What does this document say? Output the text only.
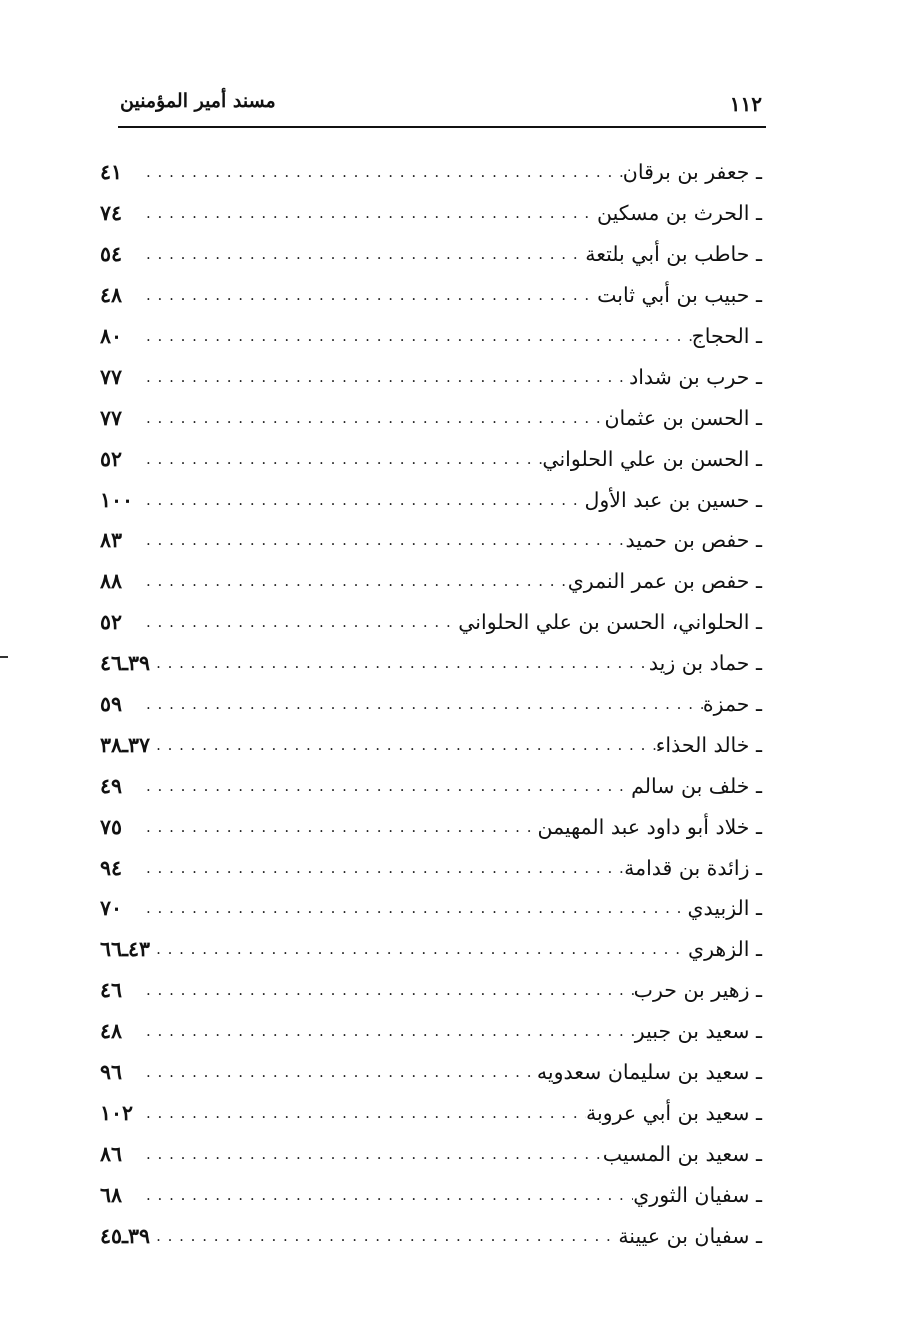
مسند أمير المؤمنين	١١٢
ـ جعفر بن برقان
. . .
٤١
ـ الحرث بن مسكين
. . .
٧٤
ـ حاطب بن أبي بلتعة
. . .
٥٤
ـ حبيب بن أبي ثابت
. . .
٤٨
ـ الحجاج
. . .
٨٠
ـ حرب بن شداد
. . .
٧٧
ـ الحسن بن عثمان
. . .
٧٧
ـ الحسن بن علي الحلواني
. . .
٥٢
ـ حسين بن عبد الأول
. . .
١٠٠
ـ حفص بن حميد
. . .
٨٣
ـ حفص بن عمر النمري
. . .
٨٨
ـ الحلواني، الحسن بن علي الحلواني
. . .
٥٢
ـ حماد بن زيد
. . .
٣٩ـ٤٦
ـ حمزة
. . .
٥٩
ـ خالد الحذاء
. . .
٣٧ـ٣٨
ـ خلف بن سالم
. . .
٤٩
ـ خلاد أبو داود عبد المهيمن
. . .
٧٥
ـ زائدة بن قدامة
. . .
٩٤
ـ الزبيدي
. . .
٧٠
ـ الزهري
. . .
٤٣ـ٦٦
ـ زهير بن حرب
. . .
٤٦
ـ سعيد بن جبير
. . .
٤٨
ـ سعيد بن سليمان سعدويه
. . .
٩٦
ـ سعيد بن أبي عروبة
. . .
١٠٢
ـ سعيد بن المسيب
. . .
٨٦
ـ سفيان الثوري
. . .
٦٨
ـ سفيان بن عيينة
. . .
٣٩ـ٤٥
